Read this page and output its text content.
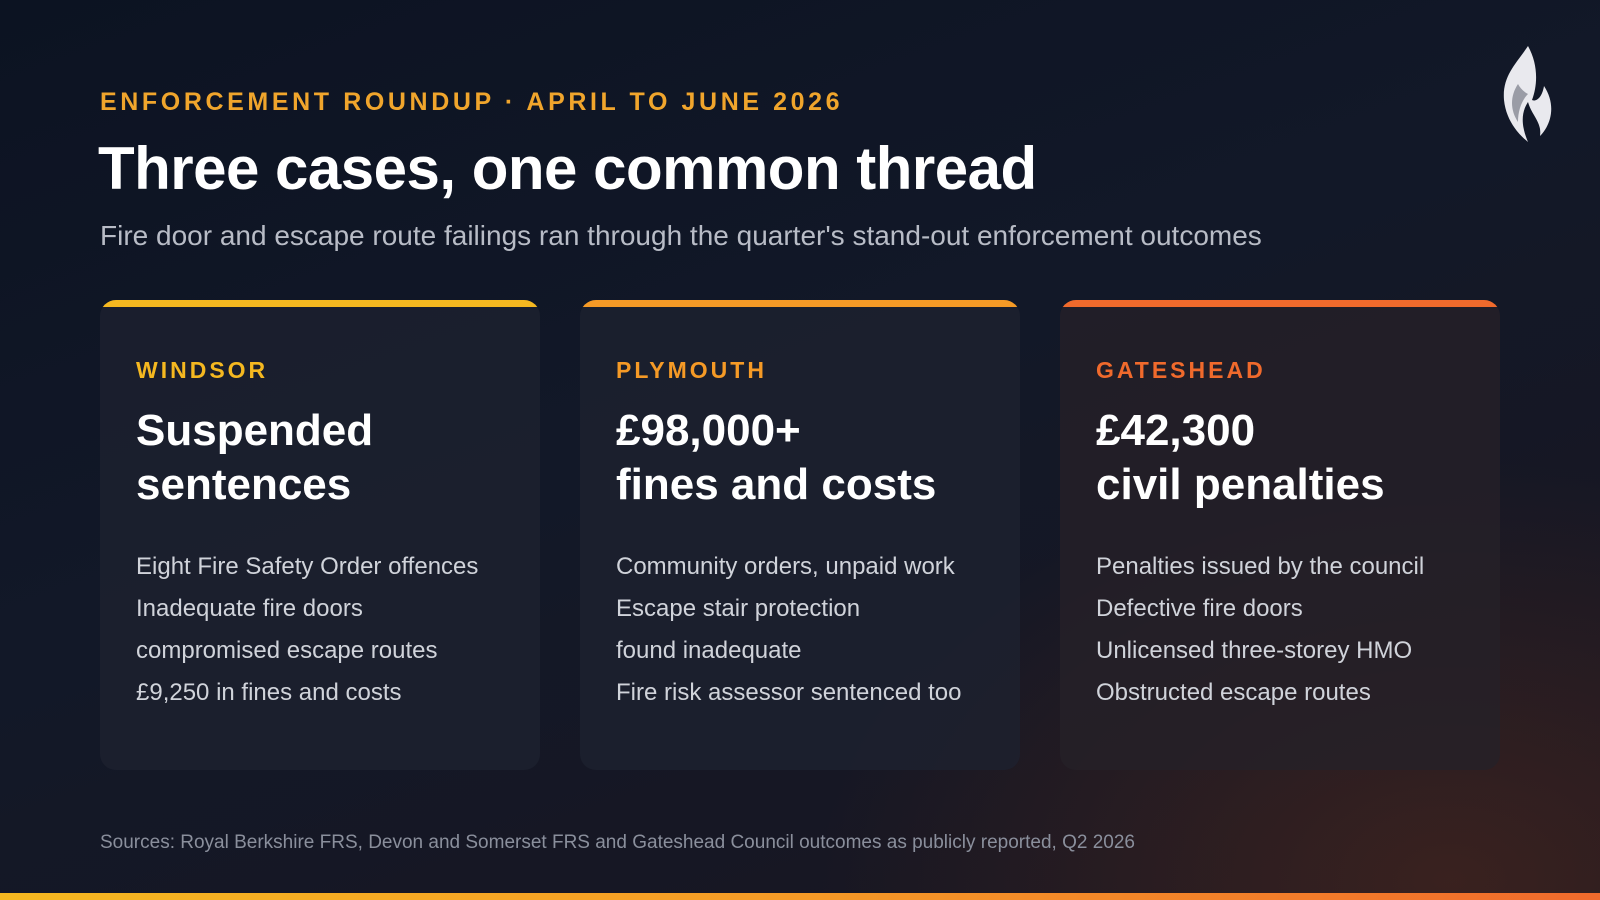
ENFORCEMENT ROUNDUP · APRIL TO JUNE 2026
Three cases, one common thread

Fire door and escape route failings ran through the quarter's stand-out enforcement outcomes

WINDSOR
Suspended
sentences
Eight Fire Safety Order offences
Inadequate fire doors
compromised escape routes
£9,250 in fines and costs
PLYMOUTH
£98,000+
fines and costs
Community orders, unpaid work
Escape stair protection
found inadequate
Fire risk assessor sentenced too
GATESHEAD
£42,300
civil penalties
Penalties issued by the council
Defective fire doors
Unlicensed three-storey HMO
Obstructed escape routes

Sources: Royal Berkshire FRS, Devon and Somerset FRS and Gateshead Council outcomes as publicly reported, Q2 2026
